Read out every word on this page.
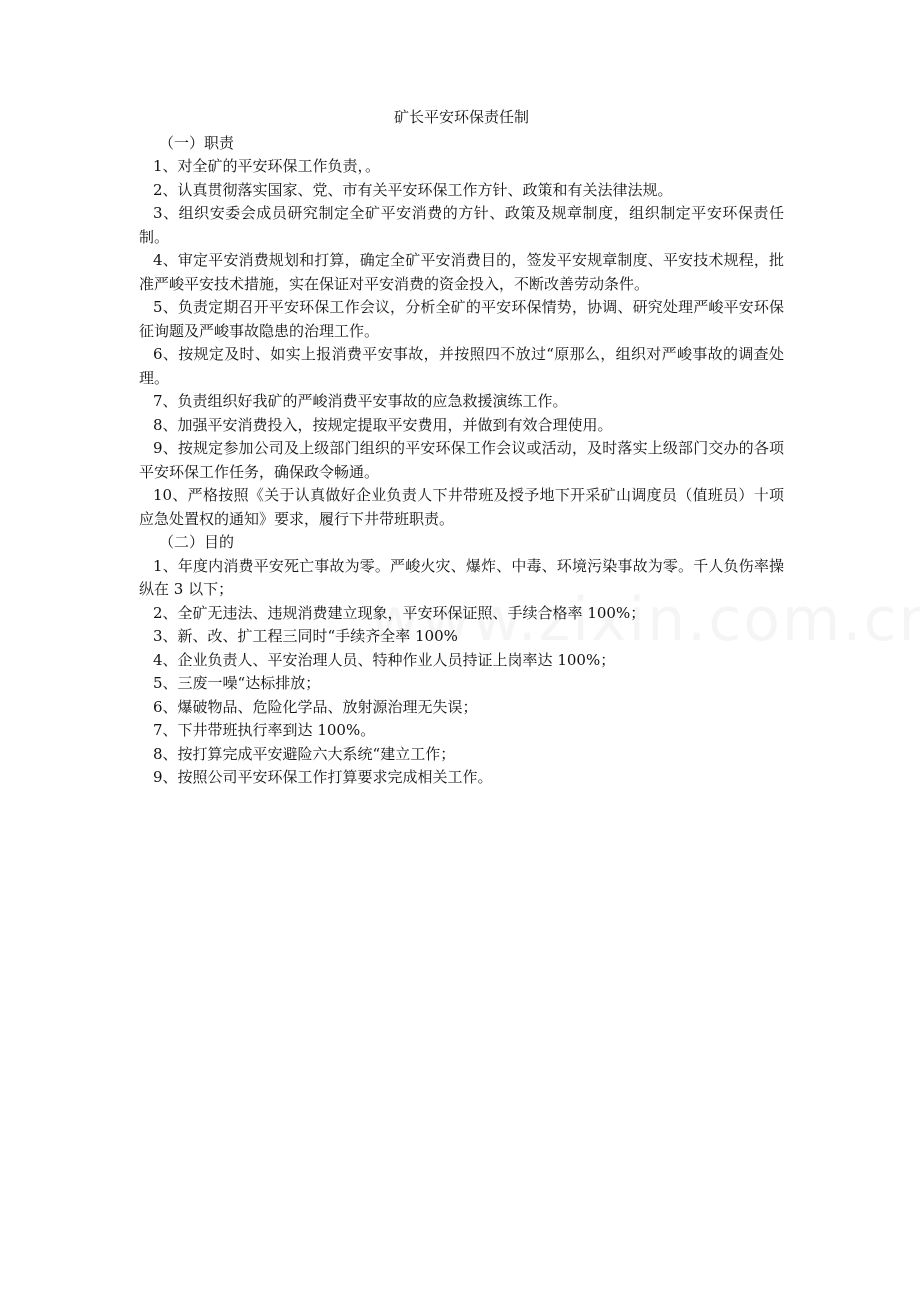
矿长平安环保责任制

（一）职责

1、对全矿的平安环保工作负责，。

2、认真贯彻落实国家、党、市有关平安环保工作方针、政策和有关法律法规。

3、组织安委会成员研究制定全矿平安消费的方针、政策及规章制度，组织制定平安环保责任制。

4、审定平安消费规划和打算，确定全矿平安消费目的，签发平安规章制度、平安技术规程，批准严峻平安技术措施，实在保证对平安消费的资金投入，不断改善劳动条件。

5、负责定期召开平安环保工作会议，分析全矿的平安环保情势，协调、研究处理严峻平安环保征询题及严峻事故隐患的治理工作。

6、按规定及时、如实上报消费平安事故，并按照四不放过“原那么，组织对严峻事故的调查处理。

7、负责组织好我矿的严峻消费平安事故的应急救援演练工作。

8、加强平安消费投入，按规定提取平安费用，并做到有效合理使用。

9、按规定参加公司及上级部门组织的平安环保工作会议或活动，及时落实上级部门交办的各项平安环保工作任务，确保政令畅通。

10、严格按照《关于认真做好企业负责人下井带班及授予地下开采矿山调度员（值班员）十项应急处置权的通知》要求，履行下井带班职责。

（二）目的

1、年度内消费平安死亡事故为零。严峻火灾、爆炸、中毒、环境污染事故为零。千人负伤率操纵在 3 以下；

2、全矿无违法、违规消费建立现象，平安环保证照、手续合格率 100%；

3、新、改、扩工程三同时“手续齐全率 100%

4、企业负责人、平安治理人员、特种作业人员持证上岗率达 100%；

5、三废一噪“达标排放；

6、爆破物品、危险化学品、放射源治理无失误；

7、下井带班执行率到达 100%。

8、按打算完成平安避险六大系统“建立工作；

9、按照公司平安环保工作打算要求完成相关工作。
